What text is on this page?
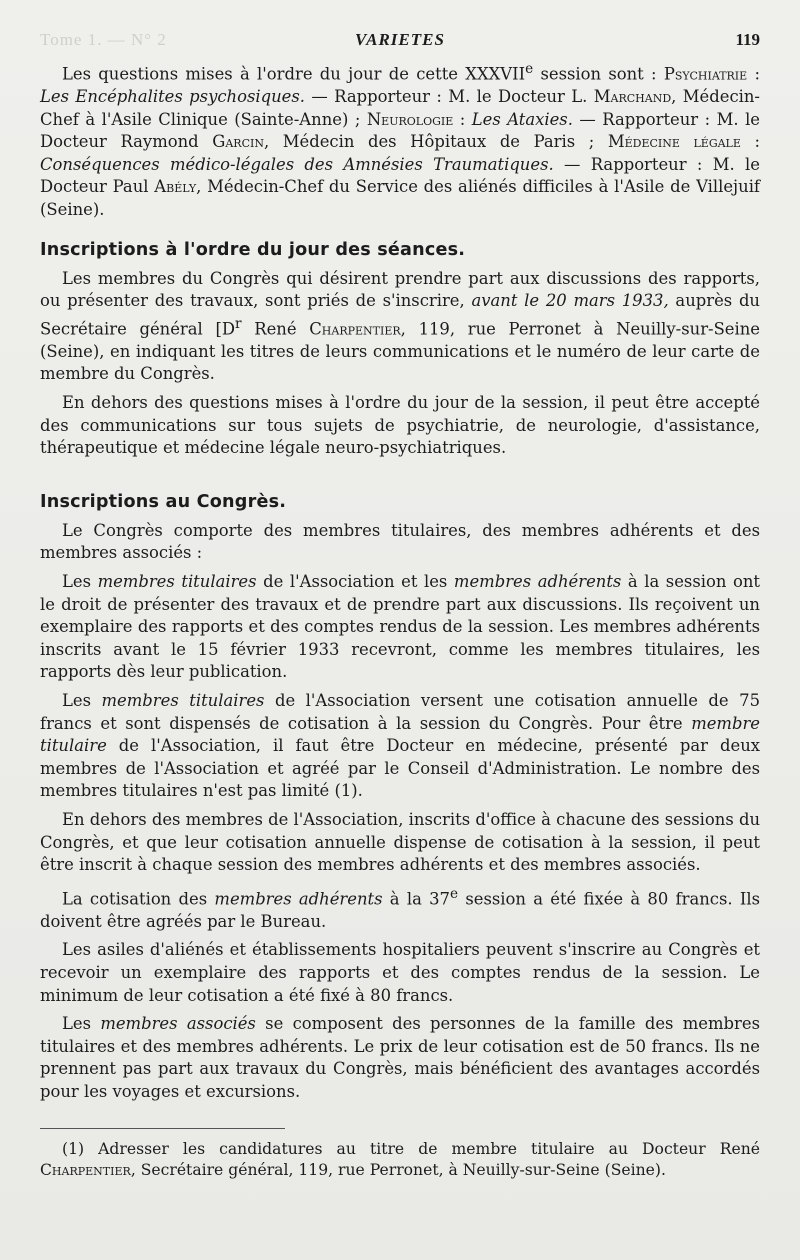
Tome 1. — N° 2	VARIETES	119

Les questions mises à l'ordre du jour de cette XXXVIIe session sont : Psychiatrie : Les Encéphalites psychosiques. — Rapporteur : M. le Docteur L. Marchand, Médecin-Chef à l'Asile Clinique (Sainte-Anne) ; Neurologie : Les Ataxies. — Rapporteur : M. le Docteur Raymond Garcin, Médecin des Hôpitaux de Paris ; Médecine légale : Conséquences médico-légales des Amnésies Traumatiques. — Rapporteur : M. le Docteur Paul Abély, Médecin-Chef du Service des aliénés difficiles à l'Asile de Villejuif (Seine).

Inscriptions à l'ordre du jour des séances.

Les membres du Congrès qui désirent prendre part aux discussions des rapports, ou présenter des travaux, sont priés de s'inscrire, avant le 20 mars 1933, auprès du Secrétaire général [$D^r$ René Charpentier, 119, rue Perronet à Neuilly-sur-Seine (Seine), en indiquant les titres de leurs communications et le numéro de leur carte de membre du Congrès.

En dehors des questions mises à l'ordre du jour de la session, il peut être accepté des communications sur tous sujets de psychiatrie, de neurologie, d'assistance, thérapeutique et médecine légale neuro-psychiatriques.

Inscriptions au Congrès.

Le Congrès comporte des membres titulaires, des membres adhérents et des membres associés :

Les membres titulaires de l'Association et les membres adhérents à la session ont le droit de présenter des travaux et de prendre part aux discussions. Ils reçoivent un exemplaire des rapports et des comptes rendus de la session. Les membres adhérents inscrits avant le 15 février 1933 recevront, comme les membres titulaires, les rapports dès leur publication.

Les membres titulaires de l'Association versent une cotisation annuelle de 75 francs et sont dispensés de cotisation à la session du Congrès. Pour être membre titulaire de l'Association, il faut être Docteur en médecine, présenté par deux membres de l'Association et agréé par le Conseil d'Administration. Le nombre des membres titulaires n'est pas limité (1).

En dehors des membres de l'Association, inscrits d'office à chacune des sessions du Congrès, et que leur cotisation annuelle dispense de cotisation à la session, il peut être inscrit à chaque session des membres adhérents et des membres associés.

La cotisation des membres adhérents à la 37e session a été fixée à 80 francs. Ils doivent être agréés par le Bureau.

Les asiles d'aliénés et établissements hospitaliers peuvent s'inscrire au Congrès et recevoir un exemplaire des rapports et des comptes rendus de la session. Le minimum de leur cotisation a été fixé à 80 francs.

Les membres associés se composent des personnes de la famille des membres titulaires et des membres adhérents. Le prix de leur cotisation est de 50 francs. Ils ne prennent pas part aux travaux du Congrès, mais bénéficient des avantages accordés pour les voyages et excursions.

(1) Adresser les candidatures au titre de membre titulaire au Docteur René Charpentier, Secrétaire général, 119, rue Perronet, à Neuilly-sur-Seine (Seine).
